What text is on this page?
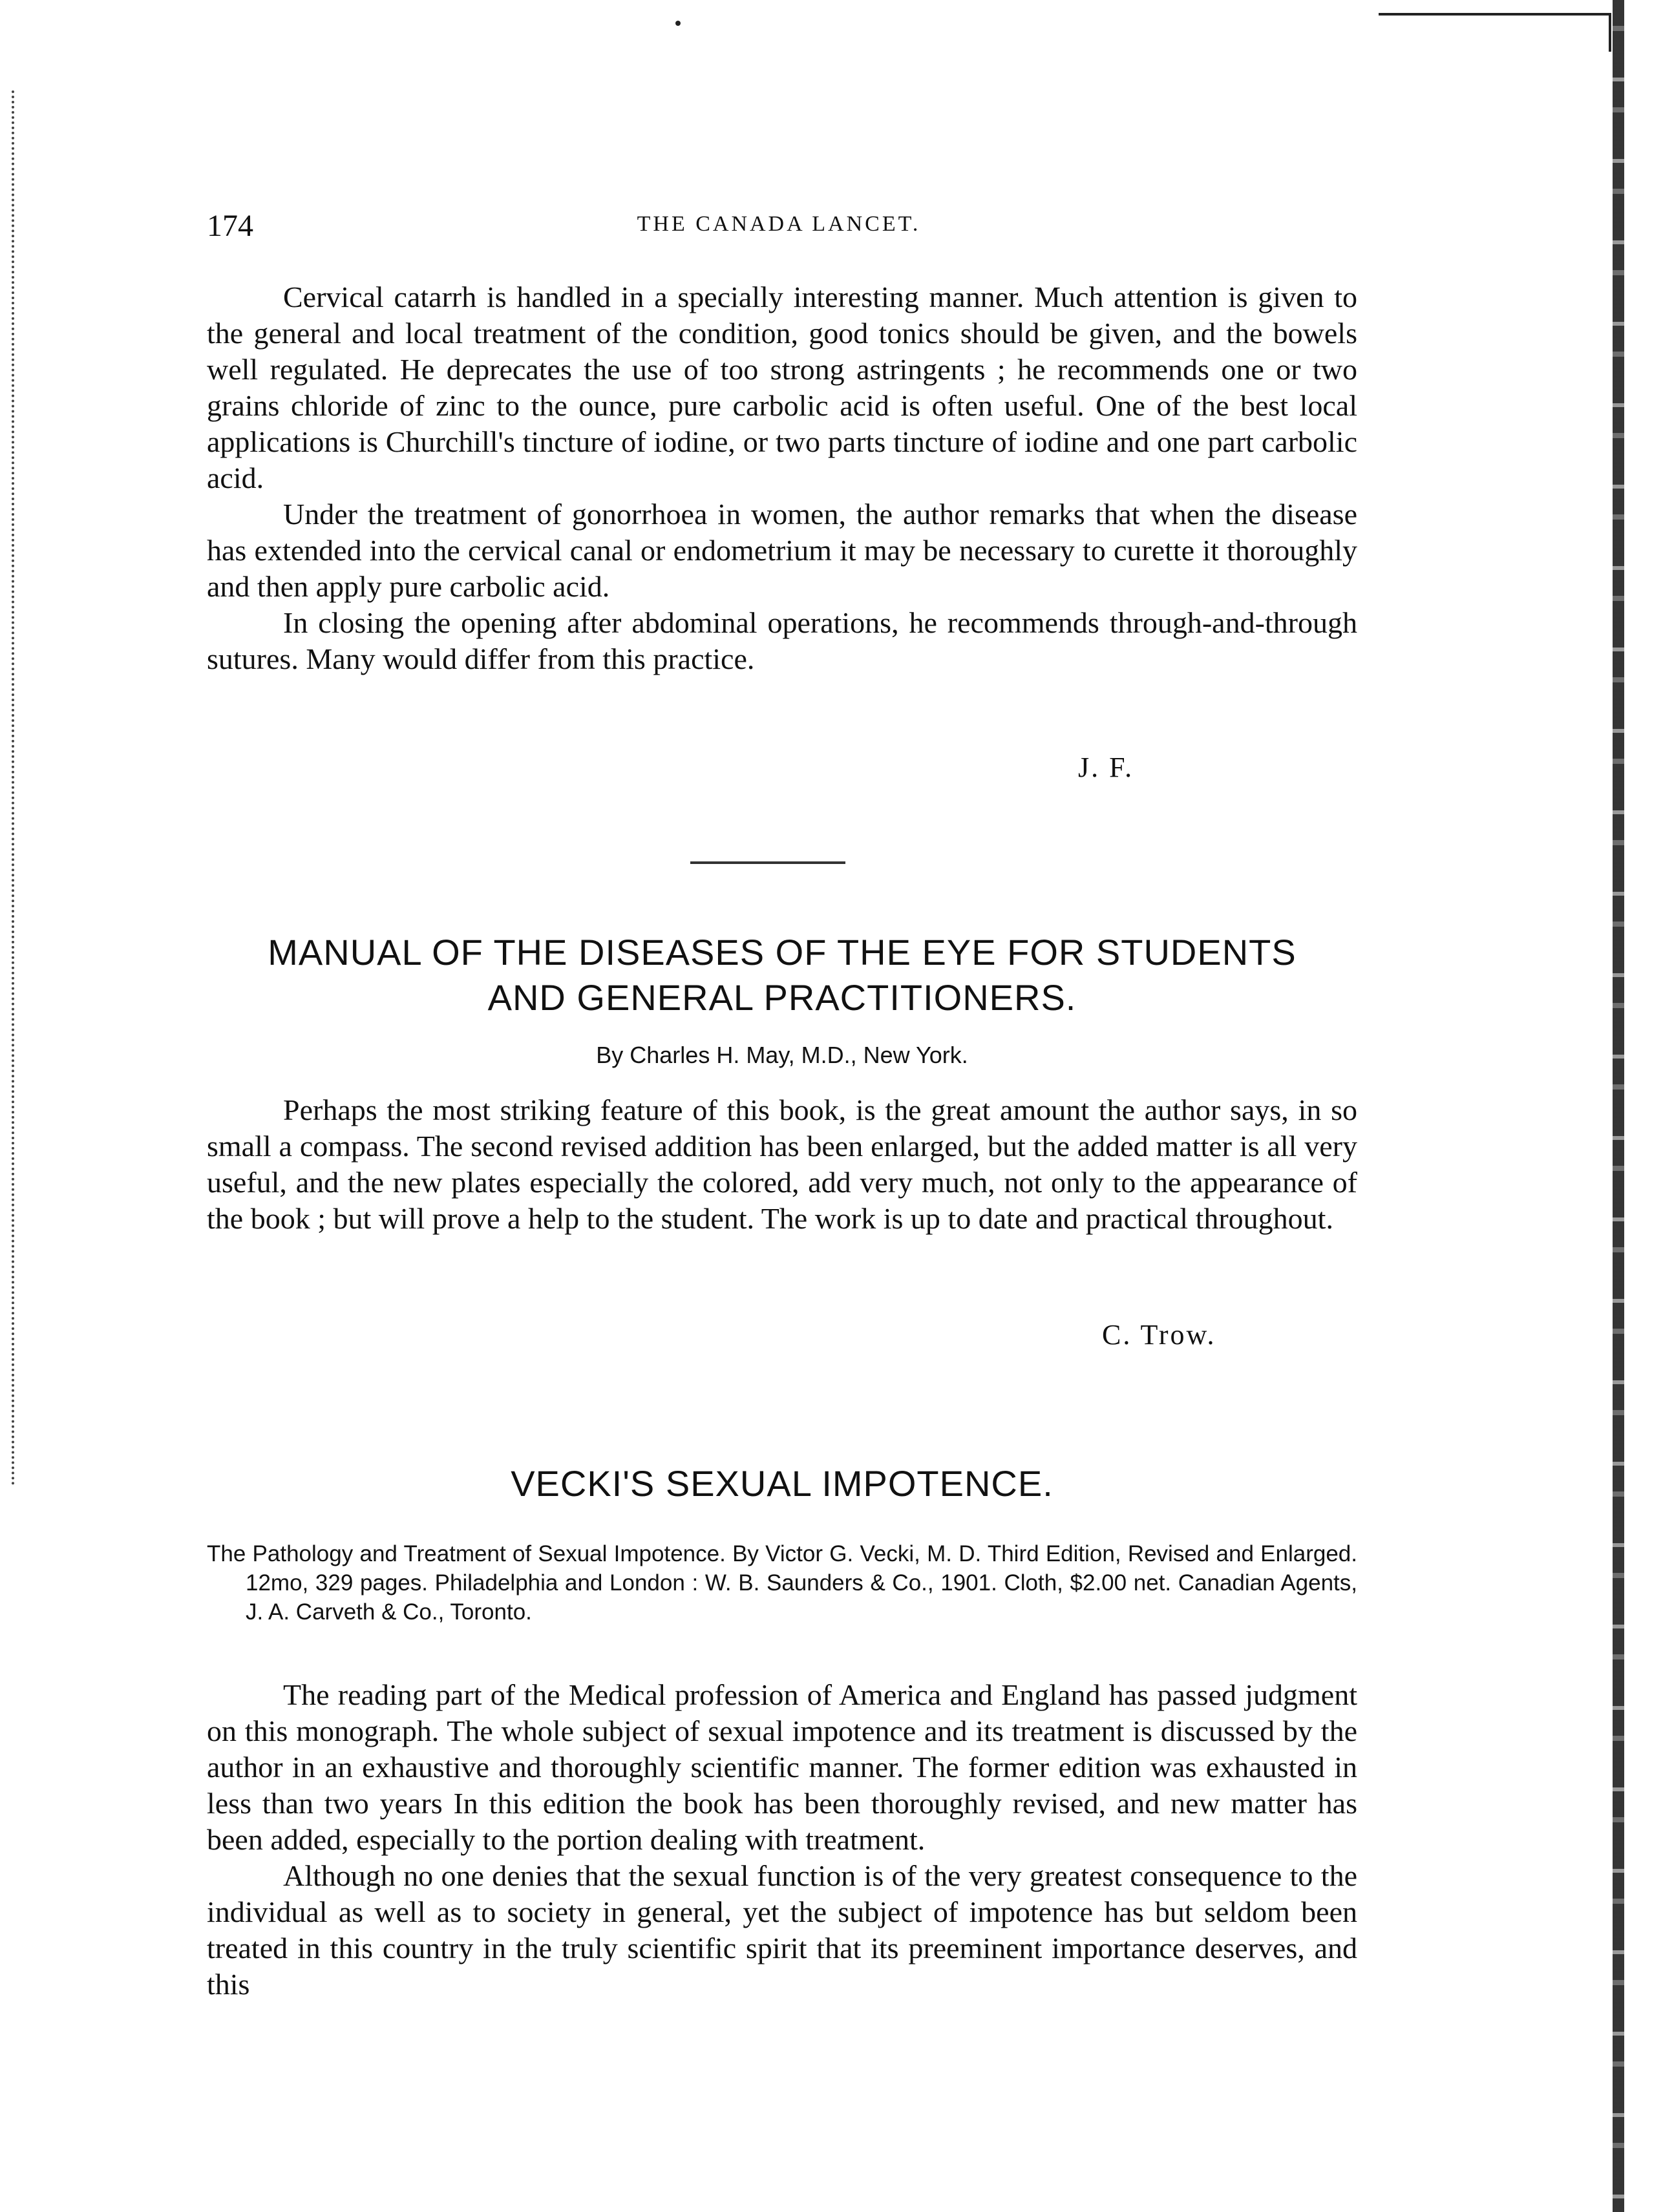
174	THE CANADA LANCET.

Cervical catarrh is handled in a specially interesting manner. Much attention is given to the general and local treatment of the condition, good tonics should be given, and the bowels well regulated. He deprecates the use of too strong astringents ; he recommends one or two grains chloride of zinc to the ounce, pure carbolic acid is often useful. One of the best local applications is Churchill's tincture of iodine, or two parts tincture of iodine and one part carbolic acid.

Under the treatment of gonorrhoea in women, the author remarks that when the disease has extended into the cervical canal or endometrium it may be necessary to curette it thoroughly and then apply pure carbolic acid.

In closing the opening after abdominal operations, he recommends through-and-through sutures. Many would differ from this practice.

J. F.
MANUAL OF THE DISEASES OF THE EYE FOR STUDENTS
AND GENERAL PRACTITIONERS.
By Charles H. May, M.D., New York.

Perhaps the most striking feature of this book, is the great amount the author says, in so small a compass. The second revised addition has been enlarged, but the added matter is all very useful, and the new plates especially the colored, add very much, not only to the appearance of the book ; but will prove a help to the student. The work is up to date and practical throughout.

C. Trow.
VECKI'S SEXUAL IMPOTENCE.
The Pathology and Treatment of Sexual Impotence. By Victor G. Vecki, M. D. Third Edition, Revised and Enlarged. 12mo, 329 pages. Philadelphia and London : W. B. Saunders & Co., 1901. Cloth, $2.00 net. Canadian Agents, J. A. Carveth & Co., Toronto.

The reading part of the Medical profession of America and England has passed judgment on this monograph. The whole subject of sexual impotence and its treatment is discussed by the author in an exhaustive and thoroughly scientific manner. The former edition was exhausted in less than two years In this edition the book has been thoroughly revised, and new matter has been added, especially to the portion dealing with treatment.

Although no one denies that the sexual function is of the very greatest consequence to the individual as well as to society in general, yet the subject of impotence has but seldom been treated in this country in the truly scientific spirit that its preeminent importance deserves, and this
